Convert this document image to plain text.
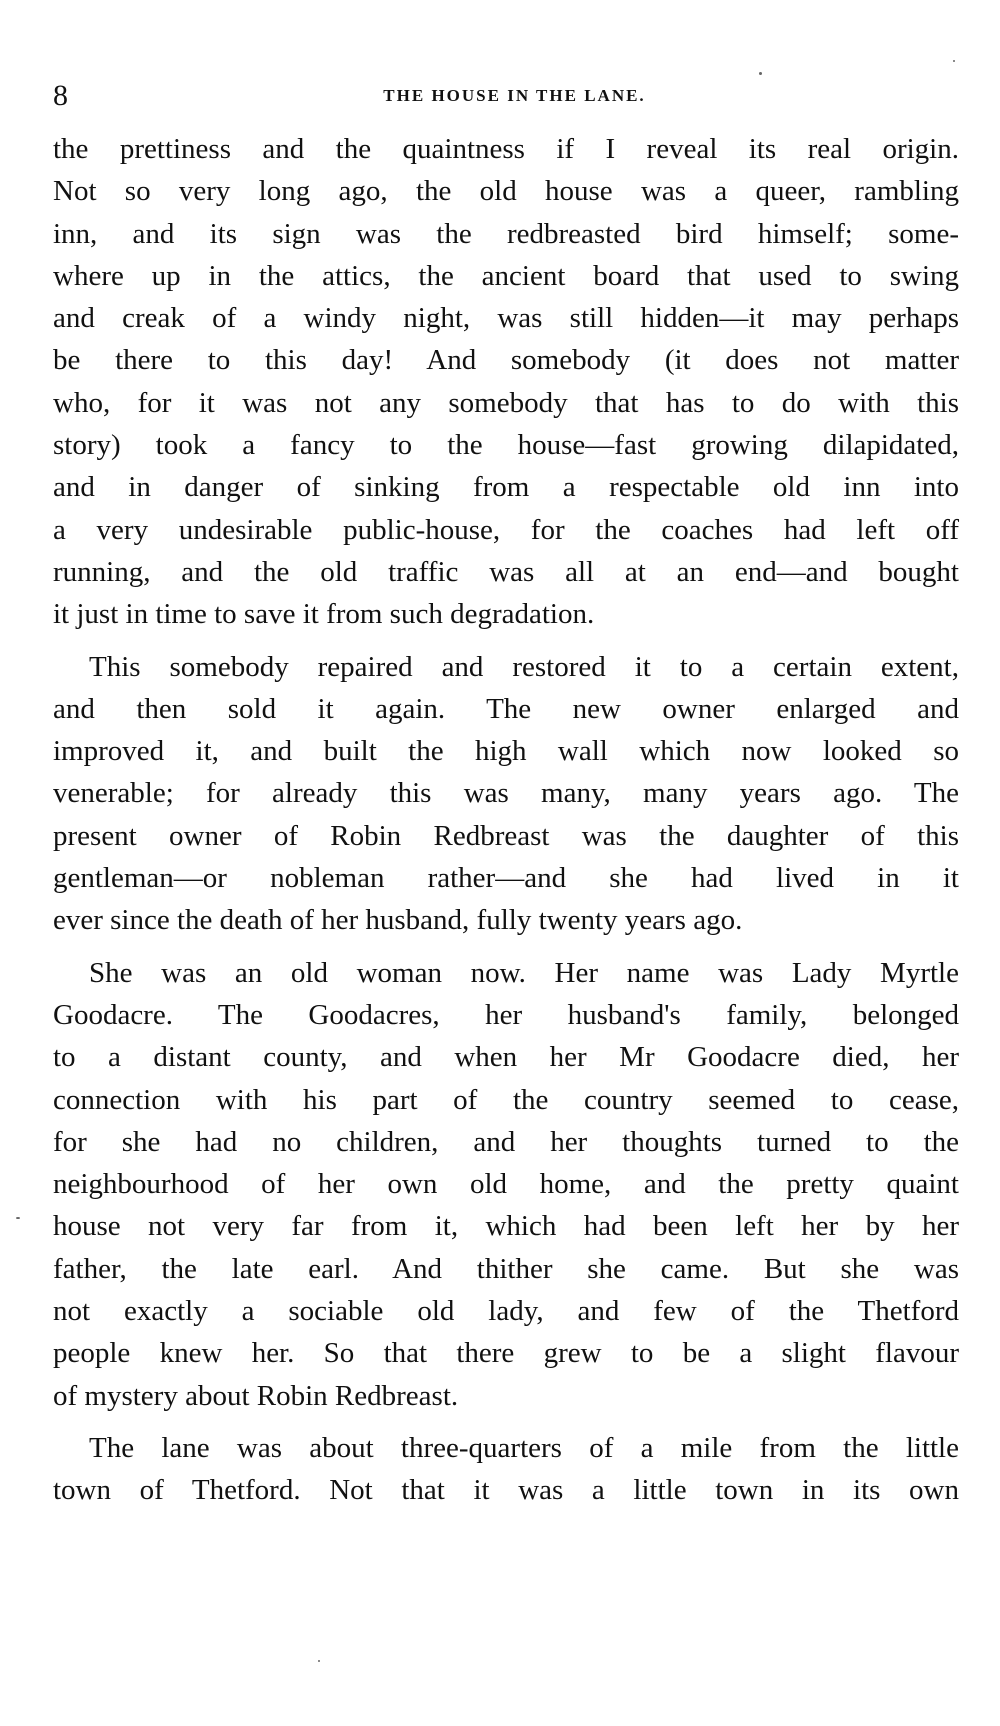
8	THE HOUSE IN THE LANE.
the prettiness and the quaintness if I reveal its real origin.
Not so very long ago, the old house was a queer, rambling
inn, and its sign was the redbreasted bird himself; some-
where up in the attics, the ancient board that used to swing
and creak of a windy night, was still hidden—it may perhaps
be there to this day! And somebody (it does not matter
who, for it was not any somebody that has to do with this
story) took a fancy to the house—fast growing dilapidated,
and in danger of sinking from a respectable old inn into
a very undesirable public-house, for the coaches had left off
running, and the old traffic was all at an end—and bought
it just in time to save it from such degradation.
This somebody repaired and restored it to a certain extent,
and then sold it again. The new owner enlarged and
improved it, and built the high wall which now looked so
venerable; for already this was many, many years ago. The
present owner of Robin Redbreast was the daughter of this
gentleman—or nobleman rather—and she had lived in it
ever since the death of her husband, fully twenty years ago.
She was an old woman now. Her name was Lady Myrtle
Goodacre. The Goodacres, her husband's family, belonged
to a distant county, and when her Mr Goodacre died, her
connection with his part of the country seemed to cease,
for she had no children, and her thoughts turned to the
neighbourhood of her own old home, and the pretty quaint
house not very far from it, which had been left her by her
father, the late earl. And thither she came. But she was
not exactly a sociable old lady, and few of the Thetford
people knew her. So that there grew to be a slight flavour
of mystery about Robin Redbreast.
The lane was about three-quarters of a mile from the little
town of Thetford. Not that it was a little town in its own
